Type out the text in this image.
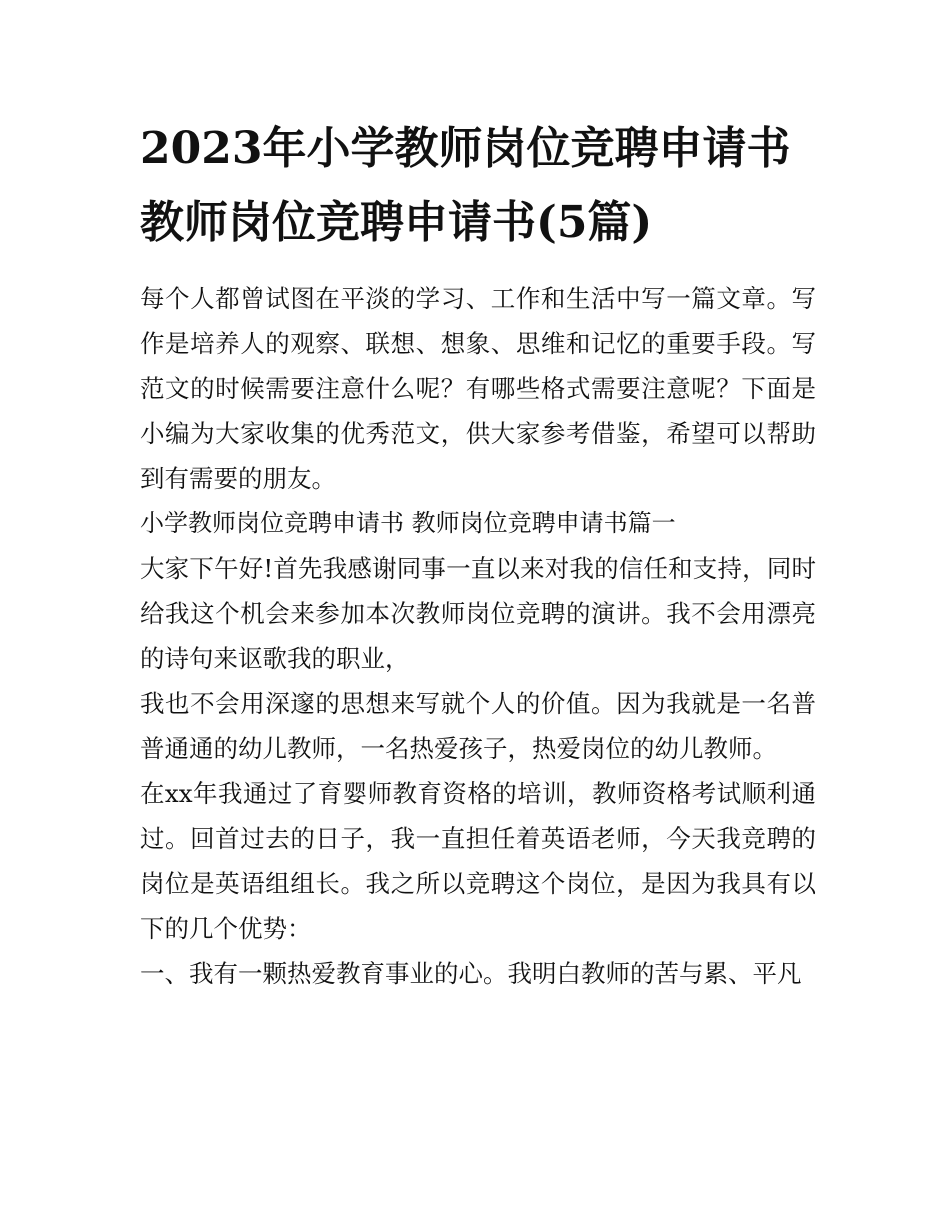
2023年小学教师岗位竞聘申请书 教师岗位竞聘申请书(5篇)

每个人都曾试图在平淡的学习、工作和生活中写一篇文章。写作是培养人的观察、联想、想象、思维和记忆的重要手段。写范文的时候需要注意什么呢？有哪些格式需要注意呢？下面是小编为大家收集的优秀范文，供大家参考借鉴，希望可以帮助到有需要的朋友。

小学教师岗位竞聘申请书 教师岗位竞聘申请书篇一

大家下午好!首先我感谢同事一直以来对我的信任和支持，同时给我这个机会来参加本次教师岗位竞聘的演讲。我不会用漂亮的诗句来讴歌我的职业，

我也不会用深邃的思想来写就个人的价值。因为我就是一名普普通通的幼儿教师，一名热爱孩子，热爱岗位的幼儿教师。

在xx年我通过了育婴师教育资格的培训，教师资格考试顺利通过。回首过去的日子，我一直担任着英语老师，今天我竞聘的岗位是英语组组长。我之所以竞聘这个岗位，是因为我具有以下的几个优势：

一、我有一颗热爱教育事业的心。我明白教师的苦与累、平凡
